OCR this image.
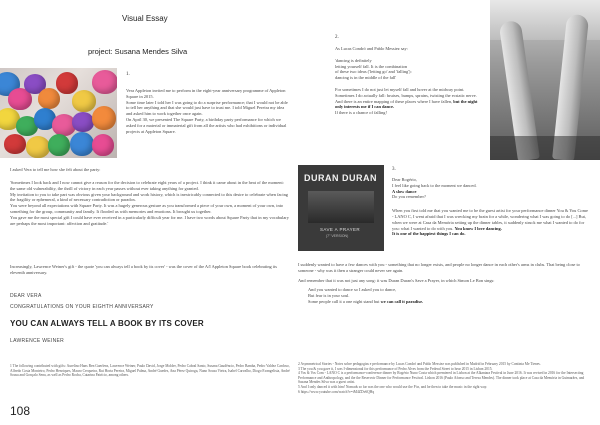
Visual Essay
project: Susana Mendes Silva
1.

Vera Appleton invited me to perform in the eight-year anniversary programme of Appleton Square in 2015.

Some time later I told her I was going to do a surprise performance; that I would not be able to tell her anything and that she would just have to trust me. I told Miguel Pereira my idea and asked him to work together once again.

On April 30, we presented The Square Party, a birthday party performance for which we asked for a material or immaterial gift from all the artists who had exhibitions or individual projects at Appleton Square.

2.

As Lucas Condró and Pablo Messiez say:

'dancing is definitely

letting yourself fall. It is the combination

of these two ideas ('letting go' and 'falling'):

dancing is in the middle of the fall'

For sometimes I do not just let myself fall and hover at the midway point.

Sometimes I do actually fall: bruises, bumps, sprains, twisting the ecstatic nerve.

And there is an entire mapping of these places where I have fallen, but the night only interests me if I can dance.

If there is a chance of falling!

I asked Vera to tell me how she felt about the party:

'Sometimes I look back and I now cannot give a reason for the decision to celebrate eight years of a project. I think it came about in the heat of the moment: the same old vulnerability, the thrill of victory in each year passes without ever taking anything for granted.

My invitation to you to take part was obvious given your background and work history, which is inextricably connected to this desire to celebrate when facing the fragility or ephemeral, a kind of necessary contradiction or paradox.

You were beyond all expectations with Square Party. It was a hugely generous gesture as you transformed a piece of your own, a moment of your own, into something for the group, community and family. It flooded us with memories and emotions. It brought us together.

You gave me the most special gift I could have ever received in a particularly difficult year for me. I have two words about Square Party that in my vocabulary are perhaps the most important: affection and gratitude.'

Increasingly, Lawrence Weiner's gift - the quote 'you can always tell a book by its cover' - was the cover of the A/I Appleton Square book celebrating its eleventh anniversary.
DEAR VERA
CONGRATULATIONS ON YOUR EIGHTH ANNIVERSARY
YOU CAN ALWAYS TELL A BOOK BY ITS COVER
LAWRENCE WEINER
1 The following contributed with gifts: Aurelino Hans Ben Guerlens, Lawrence Weiner, Paulo David, Jorge Molder, Pedro Cabral Santo, Susana Gaudêncio, Pedro Bamba, Pedro Valdez Cardoso, Alfredo Costa Monteiro, Pedro Henriques, Mauro Cerqueira, Rui Horta Pereira, Miguel Palma, André Guedes, Ana Pérez Quiroga, Nuno Sousa Vieira, Isabel Carvalho, Diogo Evangelista, André Sousa and Gonçalo Sena, as well as Pedro Rocha, Catarina Patrício, among others.
DURAN DURAN
SAVE A PRAYER
(7" VERSION)
3.

Dear Rogério,

I feel like going back to the moment we danced.

A slow dance

Do you remember?

When you first told me that you wanted me to be the guest artist for your performance dinner You & You Come - LANO C, I went afraid that I was wrecking my brain for a while, wondering what I was going to do [...] But, when we were at Casa da Memória setting up the dinner tables, it suddenly struck me what I wanted to do for you: what I wanted to do with you. You know I love dancing.

It is one of the happiest things I can do.

I suddenly wanted to have a few dances with you - something that no longer exists, and people no longer dance in each other's arms in clubs. That being close to someone - why was it then a stranger could never see again.

And remember that it was not just any song: it was Duran Duran's Save a Prayer, in which Simon Le Bon sings:

And you wanted to dance so I asked you to dance,

But fear is in your soul.

Some people call it a one night stand but we can call it paradise.

2 Asymmetrical Stories - Notes sobre pedagogias e performance by Lucas Condró and Pablo Messiez was published in Madrid in February 2015 by Continta Me Tienes.

3 The you & you gave it, I was I-dimensional for this performance of Pedro Alves from the Federal Street to hear 2015 in Lisbon 2015.

4 Vos & Vos Com - LANO C is a performance-conference dinner by Rogério Nuno Costa which premiered in Lisbon at the Alkantara Festival in June 2016. It was revised in 2016 for the Intersecting Performance and Anthropology, and the the Reservoir Dinner for Performance Festival. Lisbon 2016 (Paulo Afonso and Teresa Mendes). The dinner took place at Casa da Memória in Guimarães, and Susana Mendes Silva was a guest artist.

5 And I only danced it with him! Nomads so far was the one who would use the P in, and he then to take the music in the right way.

6 https://www.youtube.com/watch?v=iM4ZDv6QHq

108
